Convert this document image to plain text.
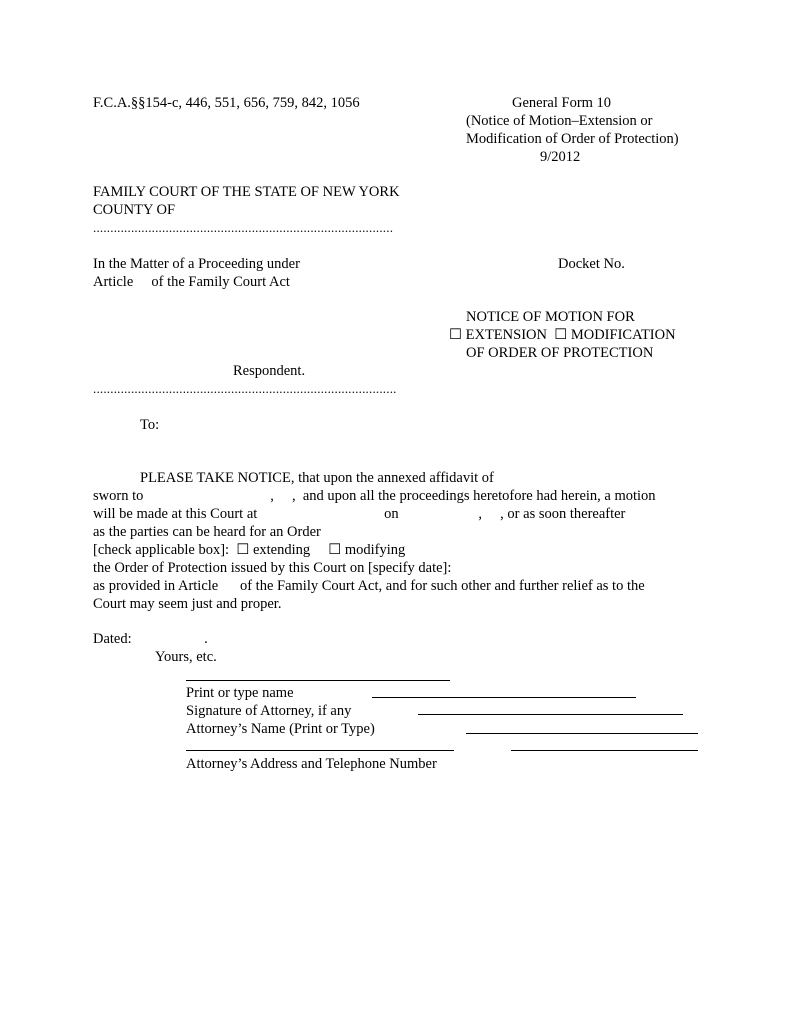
F.C.A.§§154-c, 446, 551, 656, 759, 842, 1056	General Form 10
(Notice of Motion–Extension or
Modification of Order of Protection)
9/2012
FAMILY COURT OF THE STATE OF NEW YORK
COUNTY OF
.......................................................................................
In the Matter of a Proceeding under
Article     of the Family Court Act
Docket No.
NOTICE OF MOTION FOR
☐ EXTENSION  ☐ MODIFICATION
OF ORDER OF PROTECTION
Respondent.
........................................................................................
To:
PLEASE TAKE NOTICE, that upon the annexed affidavit of
sworn to                                   ,     ,  and upon all the proceedings heretofore had herein, a motion
will be made at this Court at                                   on                      ,     , or as soon thereafter
as the parties can be heard for an Order
[check applicable box]:  ☐ extending     ☐ modifying
the Order of Protection issued by this Court on [specify date]:
as provided in Article      of the Family Court Act, and for such other and further relief as to the
Court may seem just and proper.
Dated:                    .
Yours, etc.
Print or type name
Signature of Attorney, if any
Attorney’s Name (Print or Type)
Attorney’s Address and Telephone Number
